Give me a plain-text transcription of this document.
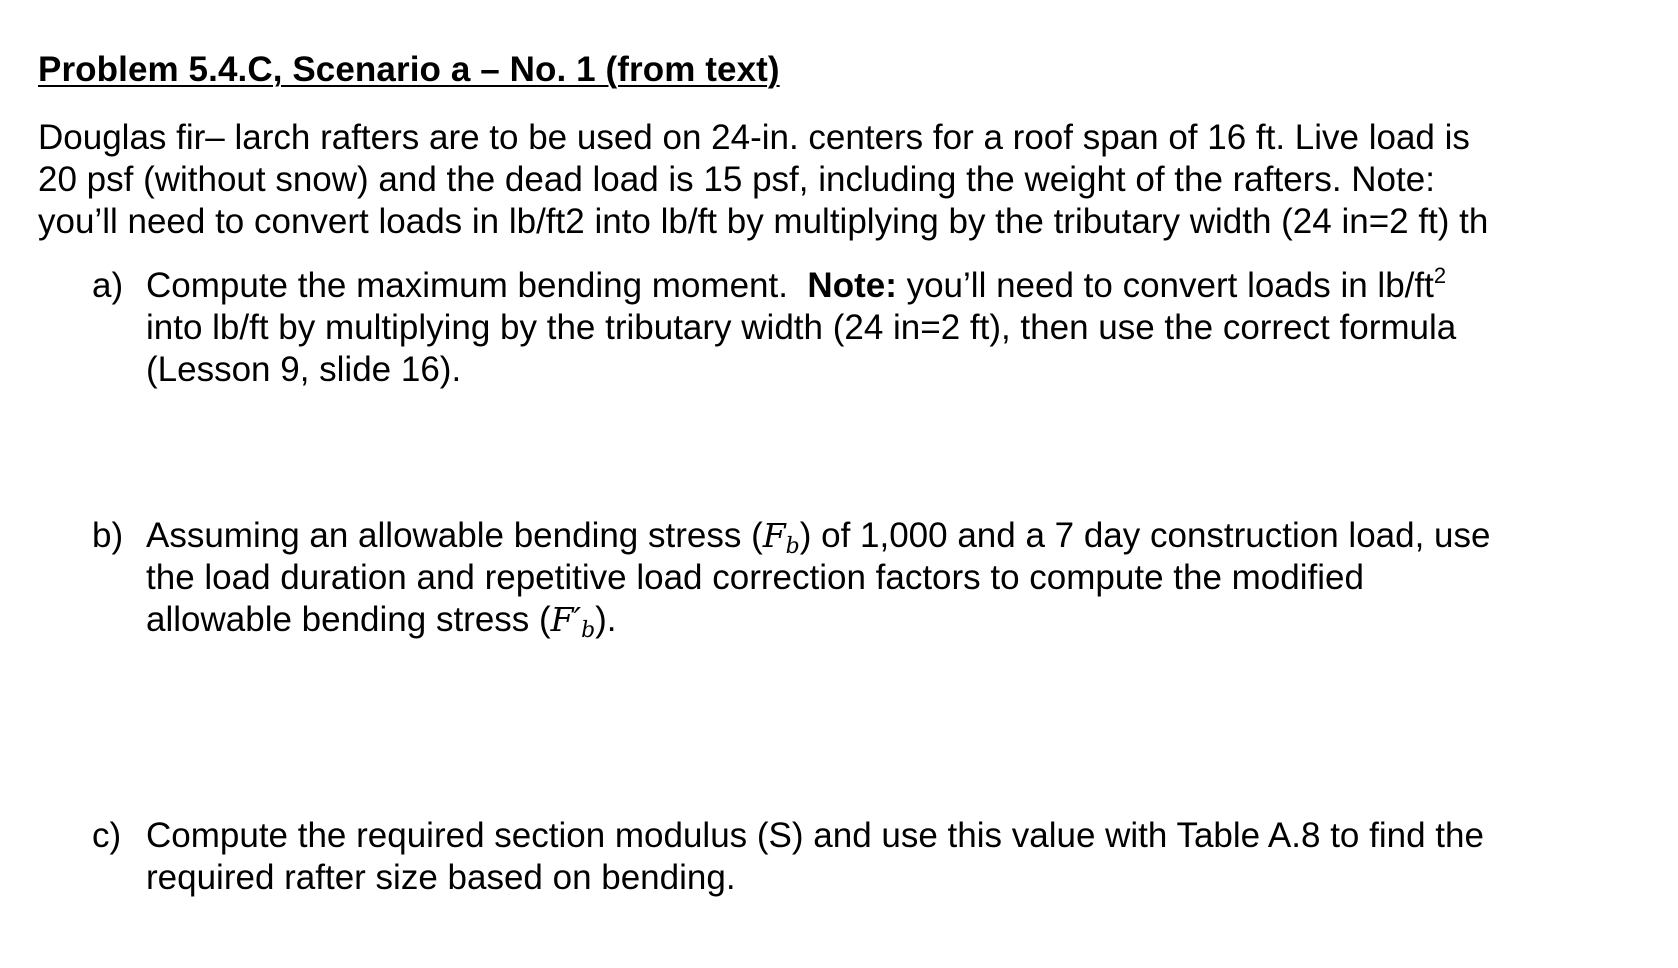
Problem 5.4.C, Scenario a – No. 1 (from text)
Douglas fir– larch rafters are to be used on 24-in. centers for a roof span of 16 ft. Live load is
20 psf (without snow) and the dead load is 15 psf, including the weight of the rafters. Note:
you’ll need to convert loads in lb/ft2 into lb/ft by multiplying by the tributary width (24 in=2 ft) th
a) Compute the maximum bending moment.  Note: you’ll need to convert loads in $lb/ft^2$
into lb/ft by multiplying by the tributary width (24 in=2 ft), then use the correct formula
(Lesson 9, slide 16).
b) Assuming an allowable bending stress $(F_b)$ of 1,000 and a 7 day construction load, use
the load duration and repetitive load correction factors to compute the modified
allowable bending stress $(F'_b)$.
c) Compute the required section modulus (S) and use this value with Table A.8 to find the
required rafter size based on bending.
